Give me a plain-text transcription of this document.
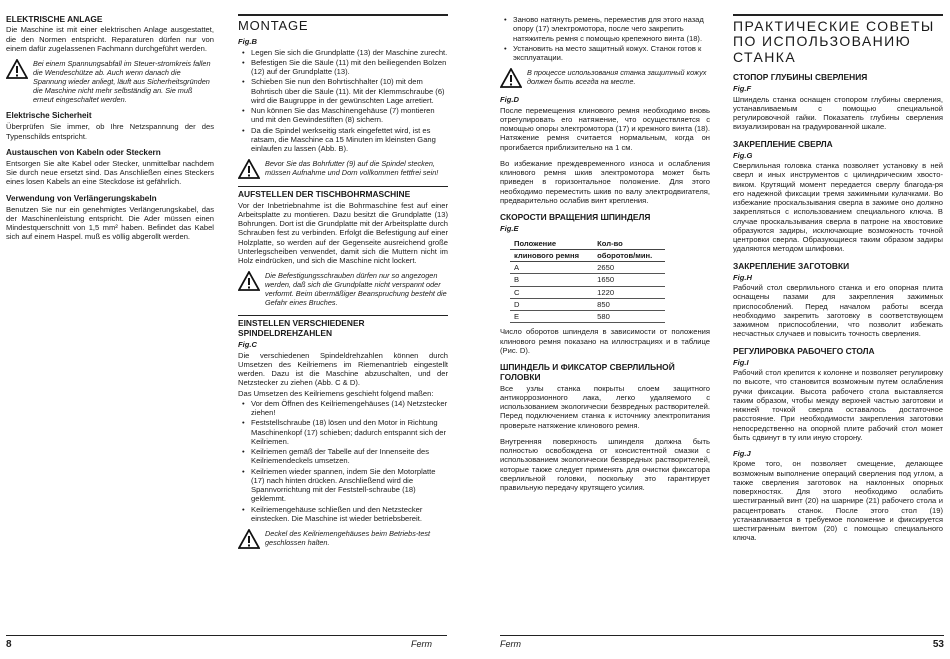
ELEKTRISCHE ANLAGE

Die Maschine ist mit einer elektrischen Anlage ausgestattet, die den Normen entspricht. Reparaturen dürfen nur von einem dafür zugelassenen Fachmann durchgeführt werden.

Bei einem Spannungsabfall im Steuer-stromkreis fallen die Wendeschütze ab. Auch wenn danach die Spannung wieder anliegt, läuft aus Sicherheitsgründen die Maschine nicht mehr selbständig an. Sie muß erneut eingeschaltet werden.

Elektrische Sicherheit

Überprüfen Sie immer, ob Ihre Netzspannung der des Typenschilds entspricht.

Austauschen von Kabeln oder Steckern

Entsorgen Sie alte Kabel oder Stecker, unmittelbar nachdem Sie durch neue ersetzt sind. Das Anschließen eines Steckers eines losen Kabels an eine Steckdose ist gefährlich.

Verwendung von Verlängerungskabeln

Benutzen Sie nur ein genehmigtes Verlängerungskabel, das der Maschinenleistung entspricht. Die Ader müssen einen Mindestquerschnitt von 1,5 mm² haben. Befindet das Kabel sich auf einem Haspel. muß es völlig abgerollt werden.

MONTAGE
Fig.B
• Legen Sie sich die Grundplatte (13) der Maschine zurecht.
• Befestigen Sie die Säule (11) mit den beiliegenden Bolzen (12) auf der Grundplatte (13).
• Schieben Sie nun den Bohrtischhalter (10) mit dem Bohrtisch über die Säule (11). Mit der Klemmschraube (6) wird die Baugruppe in der gewünschten Lage arretiert.
• Nun können Sie das Maschinengehäuse (7) montieren und mit den Gewindestiften (8) sichern.
• Da die Spindel werkseitig stark eingefettet wird, ist es ratsam, die Maschine ca 15 Minuten im kleinsten Gang einlaufen zu lassen (Abb. B).

Bevor Sie das Bohrfutter (9) auf die Spindel stecken, müssen Aufnahme und Dorn vollkommen fettfrei sein!

AUFSTELLEN DER TISCHBOHRMASCHINE

Vor der Inbetriebnahme ist die Bohrmaschine fest auf einer Arbeitsplatte zu montieren. Dazu besitzt die Grundplatte (13) Bohrungen. Dort ist die Grundplatte mit der Arbeitsplatte durch Schrauben fest zu verbinden. Erfolgt die Befestigung auf einer Holzplatte, so werden auf der Gegenseite ausreichend große Unterlegscheiben verwendet, damit sich die Muttern nicht im Holz eindrücken, und sich die Maschine nicht lockert.

Die Befestigungsschrauben dürfen nur so angezogen werden, daß sich die Grundplatte nicht verspannt oder verformt. Beim übermäßiger Beanspruchung besteht die Gefahr eines Bruches.

EINSTELLEN VERSCHIEDENER SPINDELDREHZAHLEN
Fig.C

Die verschiedenen Spindeldrehzahlen können durch Umsetzen des Keilriemens im Riemenantrieb eingestellt werden. Dazu ist die Maschine abzuschalten, und der Netzstecker zu ziehen (Abb. C & D).

Das Umsetzen des Keilriemens geschieht folgend maßen:

• Vor dem Öffnen des Keilriemengehäuses (14) Netzstecker ziehen!
• Feststellschraube (18) lösen und den Motor in Richtung Maschinenkopf (17) schieben; dadurch entspannt sich der Keilriemen.
• Keilriemen gemäß der Tabelle auf der Innenseite des Keilriemendeckels umsetzen.
• Keilriemen wieder spannen, indem Sie den Motorplatte (17) nach hinten drücken. Anschließend wird die Spannvorrichtung mit der Feststell-schraube (18) geklemmt.
• Keilriemengehäuse schließen und den Netzstecker einstecken. Die Maschine ist wieder betriebsbereit.

Deckel des Keilriemengehäuses beim Betriebs-test geschlossen halten.

8	Ferm
• Заново натянуть ремень, переместив для этого назад опору (17) электромотора, после чего закрепить натяжитель ремня с помощью крепежного винта (18).
• Установить на место защитный кожух. Станок готов к эксплуатации.

В процессе использования станка защитный кожух должен быть всегда на месте.

Fig.D

После перемещения клинового ремня необходимо вновь отрегулировать его натяжение, что осуществляется с помощью опоры электромотора (17) и крежного винта (18). Натяжение ремня считается нормальным, когда он прогибается приблизительно на 1 см.

Во избежание преждевременного износа и ослабления клинового ремня шкив электромотора может быть приведен в горизонтальное положение. Для этого необходимо переместить шкив по валу электродвигателя, предварительно ослабив винт крепления.

СКОРОСТИ ВРАЩЕНИЯ ШПИНДЕЛЯ
Fig.E
Положение	Кол-во
клинового ремня	оборотов/мин.
A	2650
B	1650
C	1220
D	850
E	580

Число оборотов шпинделя в зависимости от положения клинового ремня показано на иллюстрациях и в таблице (Рис. D).

ШПИНДЕЛЬ И ФИКСАТОР СВЕРЛИЛЬНОЙ ГОЛОВКИ

Все узлы станка покрыты слоем защитного антикоррозионного лака, легко удаляемого с использованием экологически безвредных растворителей. Перед подключением станка к источнику электропитания проверьте натяжение клинового ремня.

Внутренняя поверхность шпинделя должна быть полностью освобождена от консистентной смазки с использованием экологически безвредных растворителей, которые также следует применять для очистки фиксатора сверлильной головки, поскольку это гарантирует правильную передачу крутящего усилия.

ПРАКТИЧЕСКИЕ СОВЕТЫ ПО ИСПОЛЬЗОВАНИЮ СТАНКА
СТОПОР ГЛУБИНЫ СВЕРЛЕНИЯ
Fig.F

Шпиндель станка оснащен стопором глубины сверления, устанавливаемым с помощью специальной регулировочной гайки. Показатель глубины сверления визуализирован на градуированной шкале.

ЗАКРЕПЛЕНИЕ СВЕРЛА
Fig.G

Сверлильная головка станка позволяет установку в ней сверл и иных инструментов с цилиндрическим хвосто-виком. Крутящий момент передается сверлу благода-ря его надежной фиксации тремя зажимными кулачками. Во избежание проскальзывания сверла в зажиме оно должно закрепляться с использованием специального ключа. В случае проскальзывания сверла в патроне на хвостовике образуются задиры, исключающие возможность точной центровки сверла. Образующиеся таким образом задиры удаляются методом шлифовки.

ЗАКРЕПЛЕНИЕ ЗАГОТОВКИ
Fig.H

Рабочий стол сверлильного станка и его опорная плита оснащены пазами для закрепления зажимных приспособлений. Перед началом работы всегда необходимо закрепить заготовку в соответствующем зажимном приспособлении, что позволит избежать несчастных случаев и повысить точность сверления.

РЕГУЛИРОВКА РАБОЧЕГО СТОЛА
Fig.I

Рабочий стол крепится к колонне и позволяет регулировку по высоте, что становится возможным путем ослабления ручки фиксации. Высота рабочего стола выставляется таким образом, чтобы между верхней частью заготовки и нижней точкой сверла оставалось достаточное расстояние. При необходимости закрепления заготовки непосредственно на опорной плите рабочий стол может быть сдвинут в ту или иную сторону.

Fig.J

Кроме того, он позволяет смещение, делающее возможным выполнение операций сверления под углом, а также сверления заготовок на наклонных опорных поверхностях. Для этого необходимо ослабить шестигранный винт (20) на шарнире (21) рабочего стола и расцентровать станок. После этого стол (19) устанавливается в требуемое положение и фиксируется шестигранным винтом (20) с помощью специального ключа.

Ferm	53
